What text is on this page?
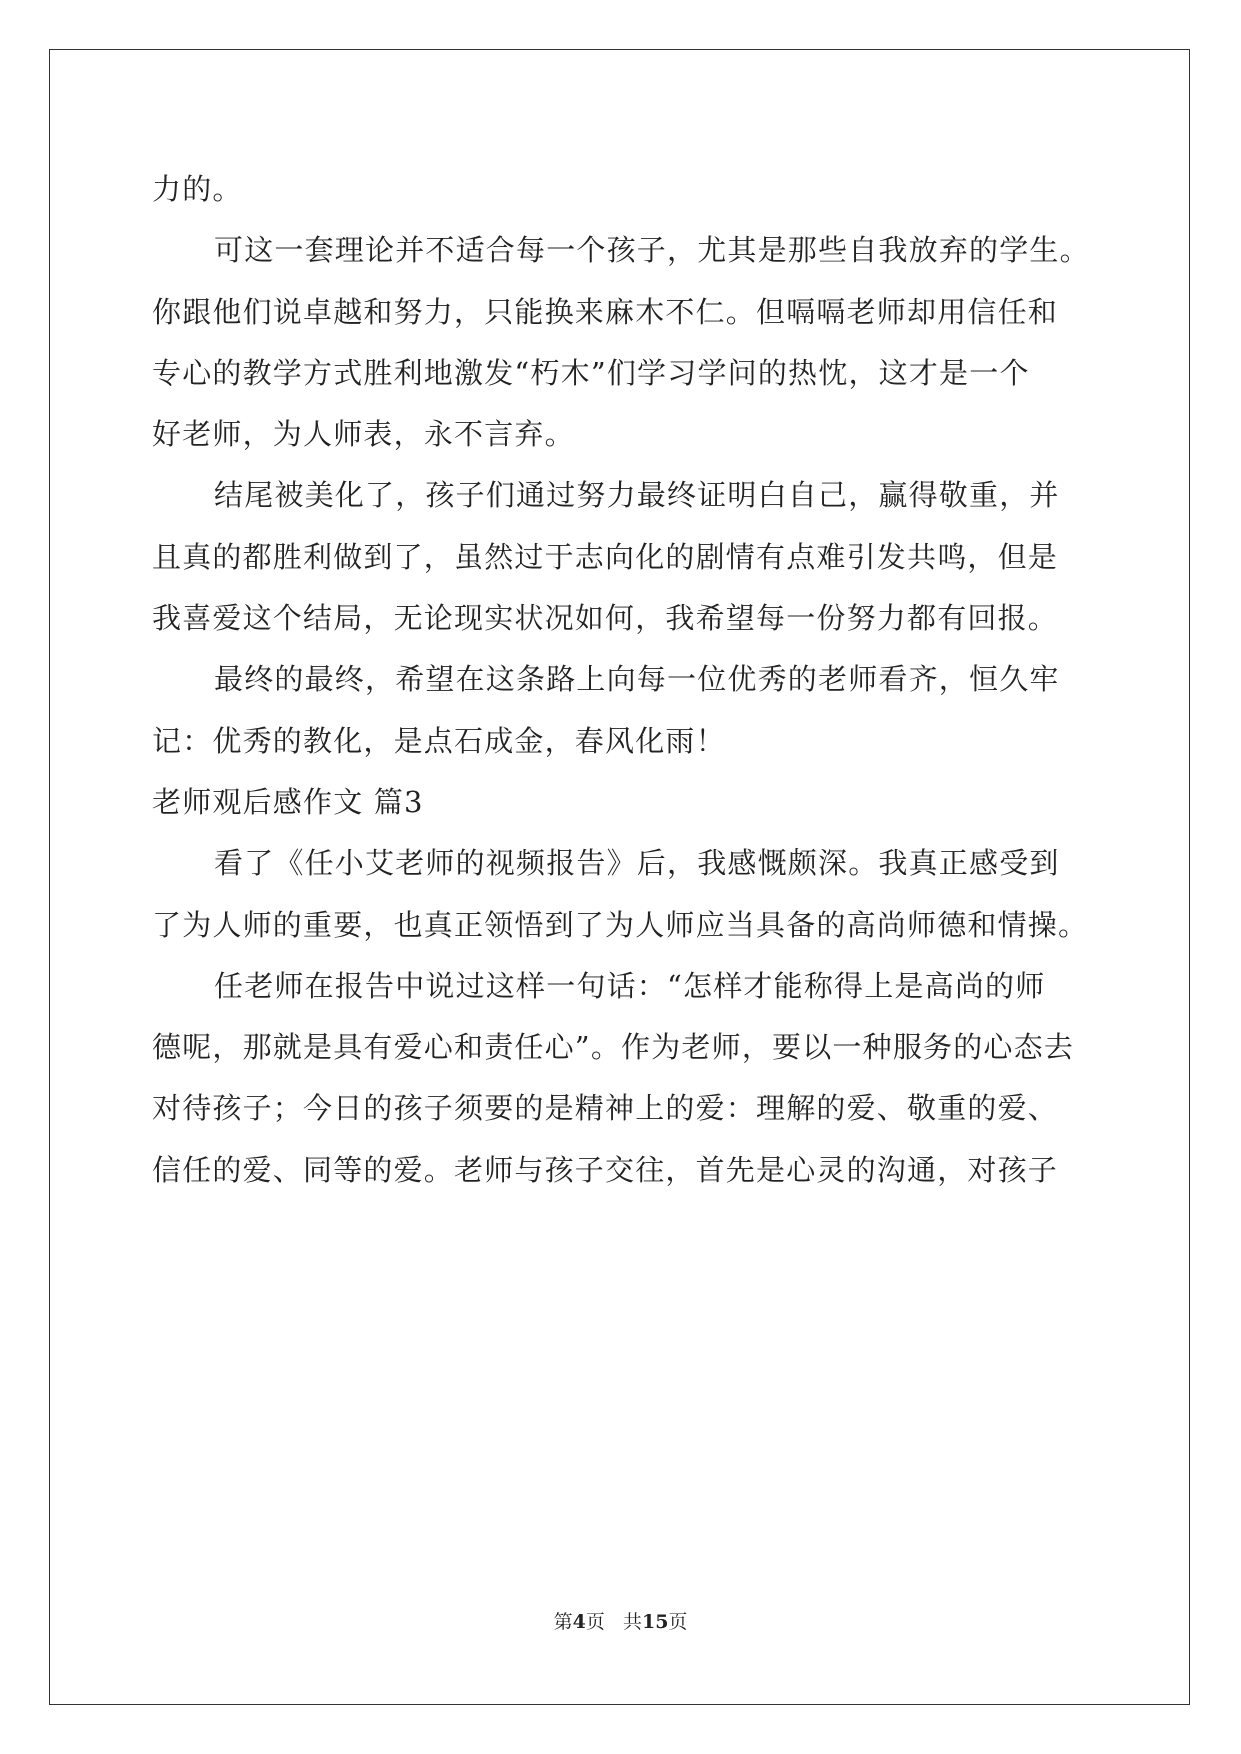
力的。
可这一套理论并不适合每一个孩子，尤其是那些自我放弃的学生。
你跟他们说卓越和努力，只能换来麻木不仁。但嗝嗝老师却用信任和
专心的教学方式胜利地激发“朽木”们学习学问的热忱，这才是一个
好老师，为人师表，永不言弃。
结尾被美化了，孩子们通过努力最终证明白自己，赢得敬重，并
且真的都胜利做到了，虽然过于志向化的剧情有点难引发共鸣，但是
我喜爱这个结局，无论现实状况如何，我希望每一份努力都有回报。
最终的最终，希望在这条路上向每一位优秀的老师看齐，恒久牢
记：优秀的教化，是点石成金，春风化雨！
老师观后感作文 篇3
看了《任小艾老师的视频报告》后，我感慨颇深。我真正感受到
了为人师的重要，也真正领悟到了为人师应当具备的高尚师德和情操。
任老师在报告中说过这样一句话：“怎样才能称得上是高尚的师
德呢，那就是具有爱心和责任心”。作为老师，要以一种服务的心态去
对待孩子；今日的孩子须要的是精神上的爱：理解的爱、敬重的爱、
信任的爱、同等的爱。老师与孩子交往，首先是心灵的沟通，对孩子
第4页 共15页
